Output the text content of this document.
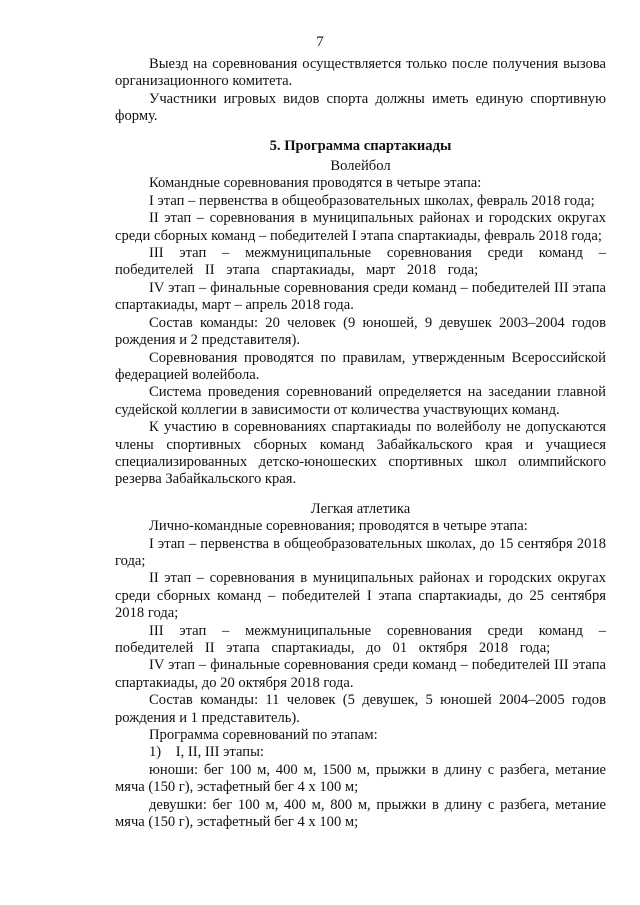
7

Выезд на соревнования осуществляется только после получения вызова организационного комитета.

Участники игровых видов спорта должны иметь единую спортивную форму.

5. Программа спартакиады

Волейбол

Командные соревнования проводятся в четыре этапа:

I этап – первенства в общеобразовательных школах, февраль 2018 года;

II этап – соревнования в муниципальных районах и городских округах среди сборных команд – победителей I этапа спартакиады, февраль 2018 года;

III этап – межмуниципальные соревнования среди команд – победителей II этапа спартакиады, март 2018 года;

IV этап – финальные соревнования среди команд – победителей III этапа спартакиады, март – апрель 2018 года.

Состав команды: 20 человек (9 юношей, 9 девушек 2003–2004 годов рождения и 2 представителя).

Соревнования проводятся по правилам, утвержденным Всероссийской федерацией волейбола.

Система проведения соревнований определяется на заседании главной судейской коллегии в зависимости от количества участвующих команд.

К участию в соревнованиях спартакиады по волейболу не допускаются члены спортивных сборных команд Забайкальского края и учащиеся специализированных детско-юношеских спортивных школ олимпийского резерва Забайкальского края.

Легкая атлетика

Лично-командные соревнования; проводятся в четыре этапа:

I этап – первенства в общеобразовательных школах, до 15 сентября 2018 года;

II этап – соревнования в муниципальных районах и городских округах среди сборных команд – победителей I этапа спартакиады, до 25 сентября 2018 года;

III этап – межмуниципальные соревнования среди команд – победителей II этапа спартакиады, до 01 октября 2018 года;

IV этап – финальные соревнования среди команд – победителей III этапа спартакиады, до 20 октября 2018 года.

Состав команды: 11 человек (5 девушек, 5 юношей 2004–2005 годов рождения и 1 представитель).

Программа соревнований по этапам:

1)    I, II, III этапы:

юноши: бег 100 м, 400 м, 1500 м, прыжки в длину с разбега, метание мяча (150 г), эстафетный бег 4 х 100 м;

девушки: бег 100 м, 400 м, 800 м, прыжки в длину с разбега, метание мяча (150 г), эстафетный бег 4 х 100 м;
